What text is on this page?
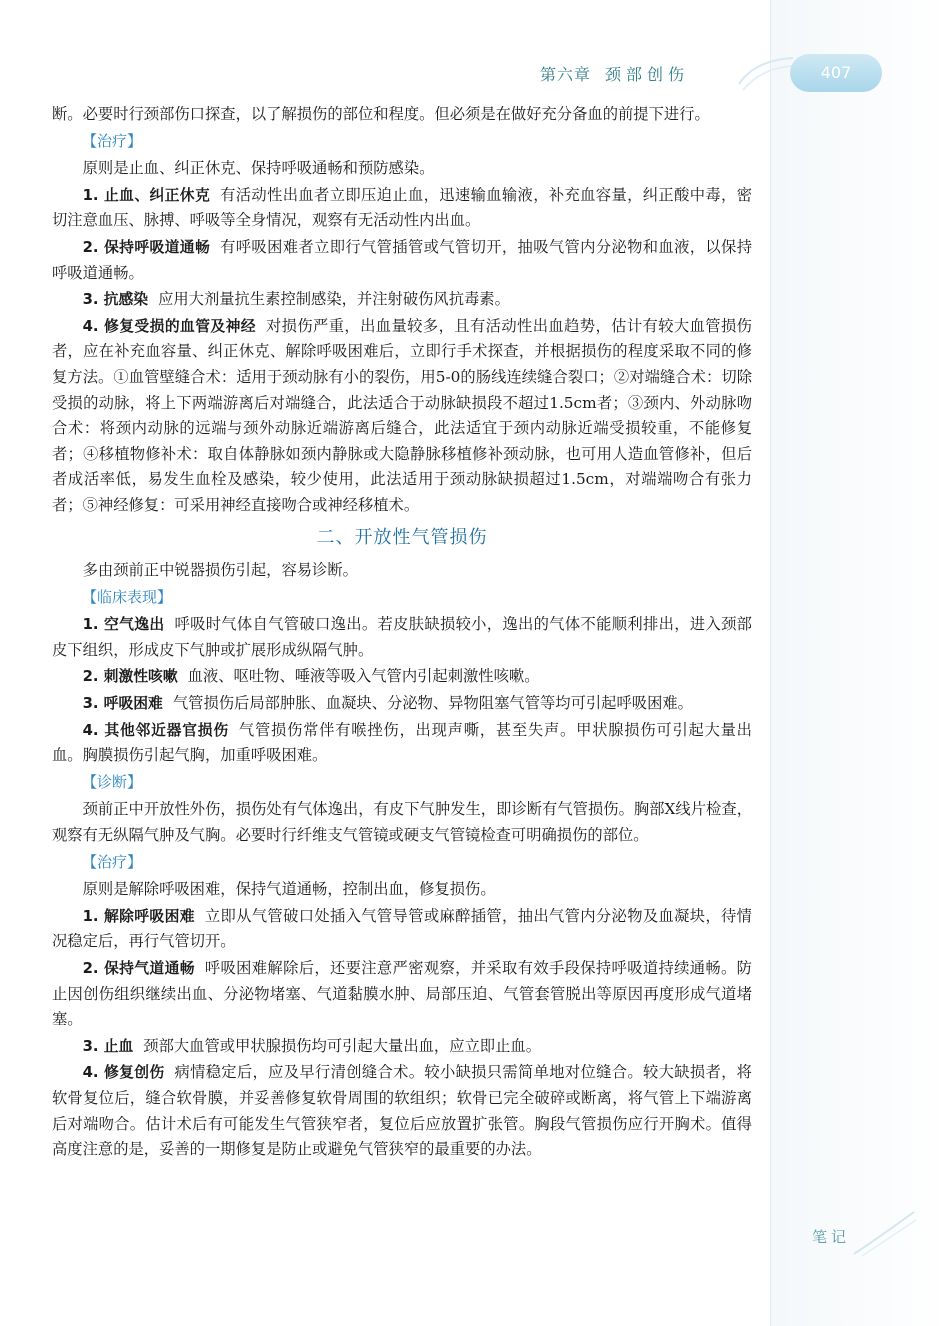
第六章 颈部创伤	407

断。必要时行颈部伤口探查，以了解损伤的部位和程度。但必须是在做好充分备血的前提下进行。

【治疗】

原则是止血、纠正休克、保持呼吸通畅和预防感染。

1. 止血、纠正休克 有活动性出血者立即压迫止血，迅速输血输液，补充血容量，纠正酸中毒，密切注意血压、脉搏、呼吸等全身情况，观察有无活动性内出血。

2. 保持呼吸道通畅 有呼吸困难者立即行气管插管或气管切开，抽吸气管内分泌物和血液，以保持呼吸道通畅。

3. 抗感染 应用大剂量抗生素控制感染，并注射破伤风抗毒素。

4. 修复受损的血管及神经 对损伤严重，出血量较多，且有活动性出血趋势，估计有较大血管损伤者，应在补充血容量、纠正休克、解除呼吸困难后，立即行手术探查，并根据损伤的程度采取不同的修复方法。①血管壁缝合术：适用于颈动脉有小的裂伤，用5-0的肠线连续缝合裂口；②对端缝合术：切除受损的动脉，将上下两端游离后对端缝合，此法适合于动脉缺损段不超过1.5cm者；③颈内、外动脉吻合术：将颈内动脉的远端与颈外动脉近端游离后缝合，此法适宜于颈内动脉近端受损较重，不能修复者；④移植物修补术：取自体静脉如颈内静脉或大隐静脉移植修补颈动脉，也可用人造血管修补，但后者成活率低，易发生血栓及感染，较少使用，此法适用于颈动脉缺损超过1.5cm，对端端吻合有张力者；⑤神经修复：可采用神经直接吻合或神经移植术。

二、开放性气管损伤

多由颈前正中锐器损伤引起，容易诊断。

【临床表现】

1. 空气逸出 呼吸时气体自气管破口逸出。若皮肤缺损较小，逸出的气体不能顺利排出，进入颈部皮下组织，形成皮下气肿或扩展形成纵隔气肿。

2. 刺激性咳嗽 血液、呕吐物、唾液等吸入气管内引起刺激性咳嗽。

3. 呼吸困难 气管损伤后局部肿胀、血凝块、分泌物、异物阻塞气管等均可引起呼吸困难。

4. 其他邻近器官损伤 气管损伤常伴有喉挫伤，出现声嘶，甚至失声。甲状腺损伤可引起大量出血。胸膜损伤引起气胸，加重呼吸困难。

【诊断】

颈前正中开放性外伤，损伤处有气体逸出，有皮下气肿发生，即诊断有气管损伤。胸部X线片检查，观察有无纵隔气肿及气胸。必要时行纤维支气管镜或硬支气管镜检查可明确损伤的部位。

【治疗】

原则是解除呼吸困难，保持气道通畅，控制出血，修复损伤。

1. 解除呼吸困难 立即从气管破口处插入气管导管或麻醉插管，抽出气管内分泌物及血凝块，待情况稳定后，再行气管切开。

2. 保持气道通畅 呼吸困难解除后，还要注意严密观察，并采取有效手段保持呼吸道持续通畅。防止因创伤组织继续出血、分泌物堵塞、气道黏膜水肿、局部压迫、气管套管脱出等原因再度形成气道堵塞。

3. 止血 颈部大血管或甲状腺损伤均可引起大量出血，应立即止血。

4. 修复创伤 病情稳定后，应及早行清创缝合术。较小缺损只需简单地对位缝合。较大缺损者，将软骨复位后，缝合软骨膜，并妥善修复软骨周围的软组织；软骨已完全破碎或断离，将气管上下端游离后对端吻合。估计术后有可能发生气管狭窄者，复位后应放置扩张管。胸段气管损伤应行开胸术。值得高度注意的是，妥善的一期修复是防止或避免气管狭窄的最重要的办法。

笔记
